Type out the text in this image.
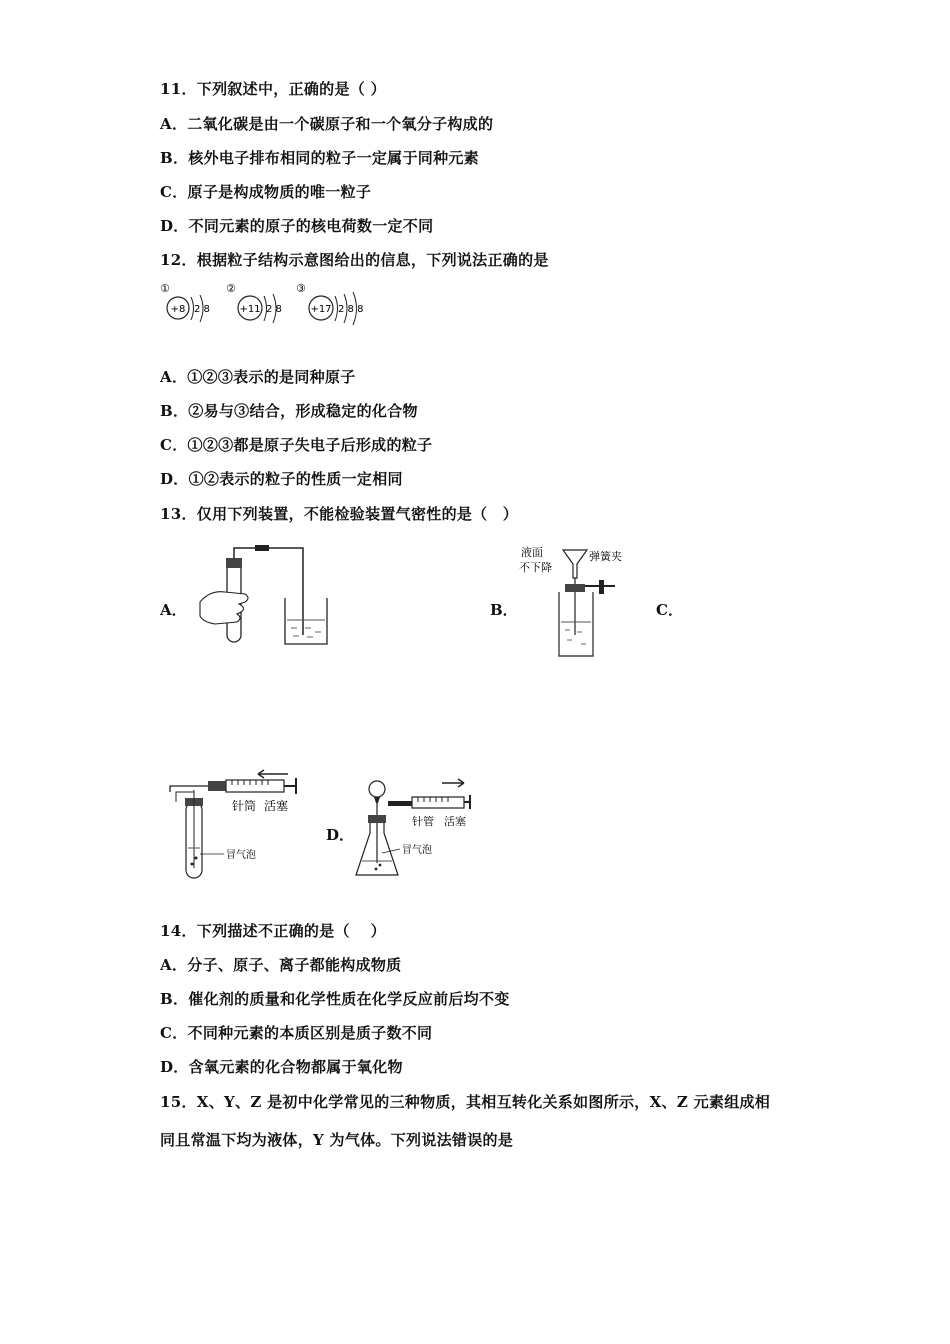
11．下列叙述中，正确的是（ ）
A．二氧化碳是由一个碳原子和一个氧分子构成的
B．核外电子排布相同的粒子一定属于同种元素
C．原子是构成物质的唯一粒子
D．不同元素的原子的核电荷数一定不同
12．根据粒子结构示意图给出的信息，下列说法正确的是
①
+8 2 8
②
+11 2 8
③
+17 2 8 8
A．①②③表示的是同种原子
B．②易与③结合，形成稳定的化合物
C．①②③都是原子失电子后形成的粒子
D．①②表示的粒子的性质一定相同
13．仅用下列装置，不能检验装置气密性的是（　）
A．	B．	C．
D．
液面
不下降
弹簧夹
针筒 活塞
冒气泡
针管 活塞
冒气泡
14．下列描述不正确的是（　 ）
A．分子、原子、离子都能构成物质
B．催化剂的质量和化学性质在化学反应前后均不变
C．不同种元素的本质区别是质子数不同
D．含氧元素的化合物都属于氧化物
15．X、Y、Z 是初中化学常见的三种物质，其相互转化关系如图所示，X、Z 元素组成相
同且常温下均为液体，Y 为气体。下列说法错误的是
